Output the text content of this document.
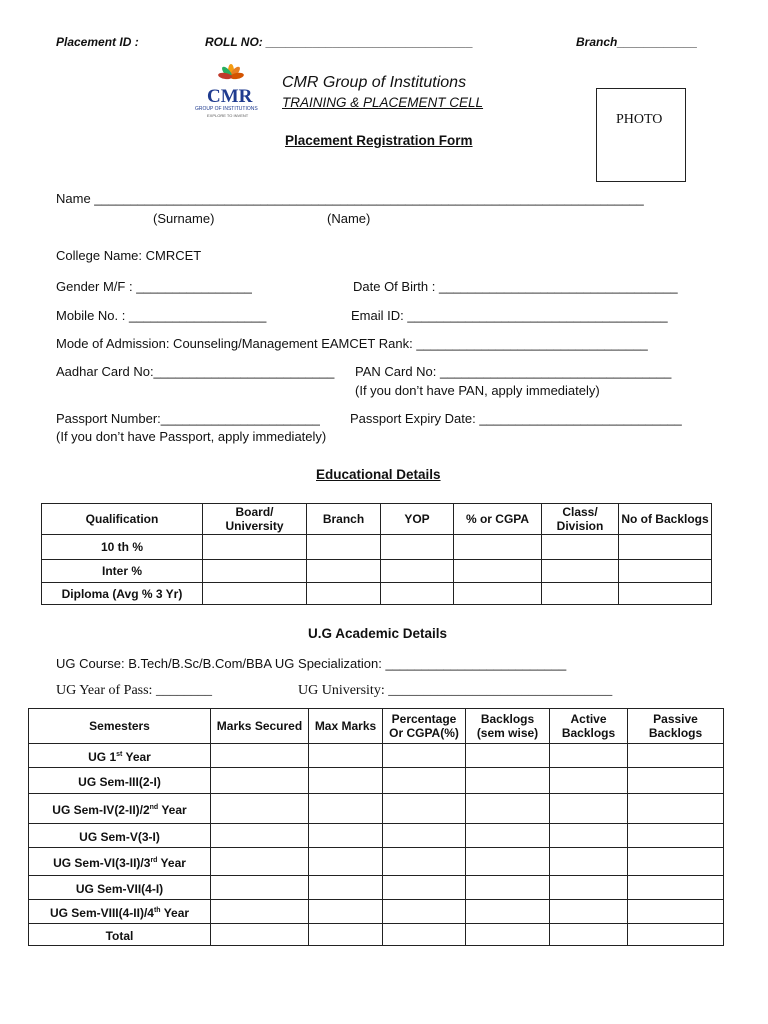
Placement ID :	ROLL NO: _______________________________	Branch____________
CMR
GROUP OF INSTITUTIONS
EXPLORE TO INVENT
CMR Group of Institutions
TRAINING & PLACEMENT CELL
PHOTO
Placement Registration Form
Name ____________________________________________________________________________
(Surname)	(Name)
College Name: CMRCET
Gender M/F : ________________	Date Of Birth : _________________________________
Mobile No. : ___________________	Email ID: ____________________________________
Mode of Admission: Counseling/Management EAMCET Rank: ________________________________
Aadhar Card No:_________________________ PAN Card No: ________________________________
(If you don’t have PAN, apply immediately)
Passport Number:______________________ Passport Expiry Date: ____________________________
(If you don’t have Passport, apply immediately)
Educational Details
Qualification	Board/ University	Branch	YOP	% or CGPA	Class/ Division	No of Backlogs
10 th %						
Inter %						
Diploma (Avg % 3 Yr)						
U.G Academic Details
UG Course: B.Tech/B.Sc/B.Com/BBA UG Specialization: _________________________
UG Year of Pass: ________	UG University: ________________________________
Semesters	Marks Secured	Max Marks	Percentage Or CGPA(%)	Backlogs (sem wise)	Active Backlogs	Passive Backlogs
UG 1st Year						
UG Sem-III(2-I)						
UG Sem-IV(2-II)/2nd Year						
UG Sem-V(3-I)						
UG Sem-VI(3-II)/3rd Year						
UG Sem-VII(4-I)						
UG Sem-VIII(4-II)/4th Year						
Total						
